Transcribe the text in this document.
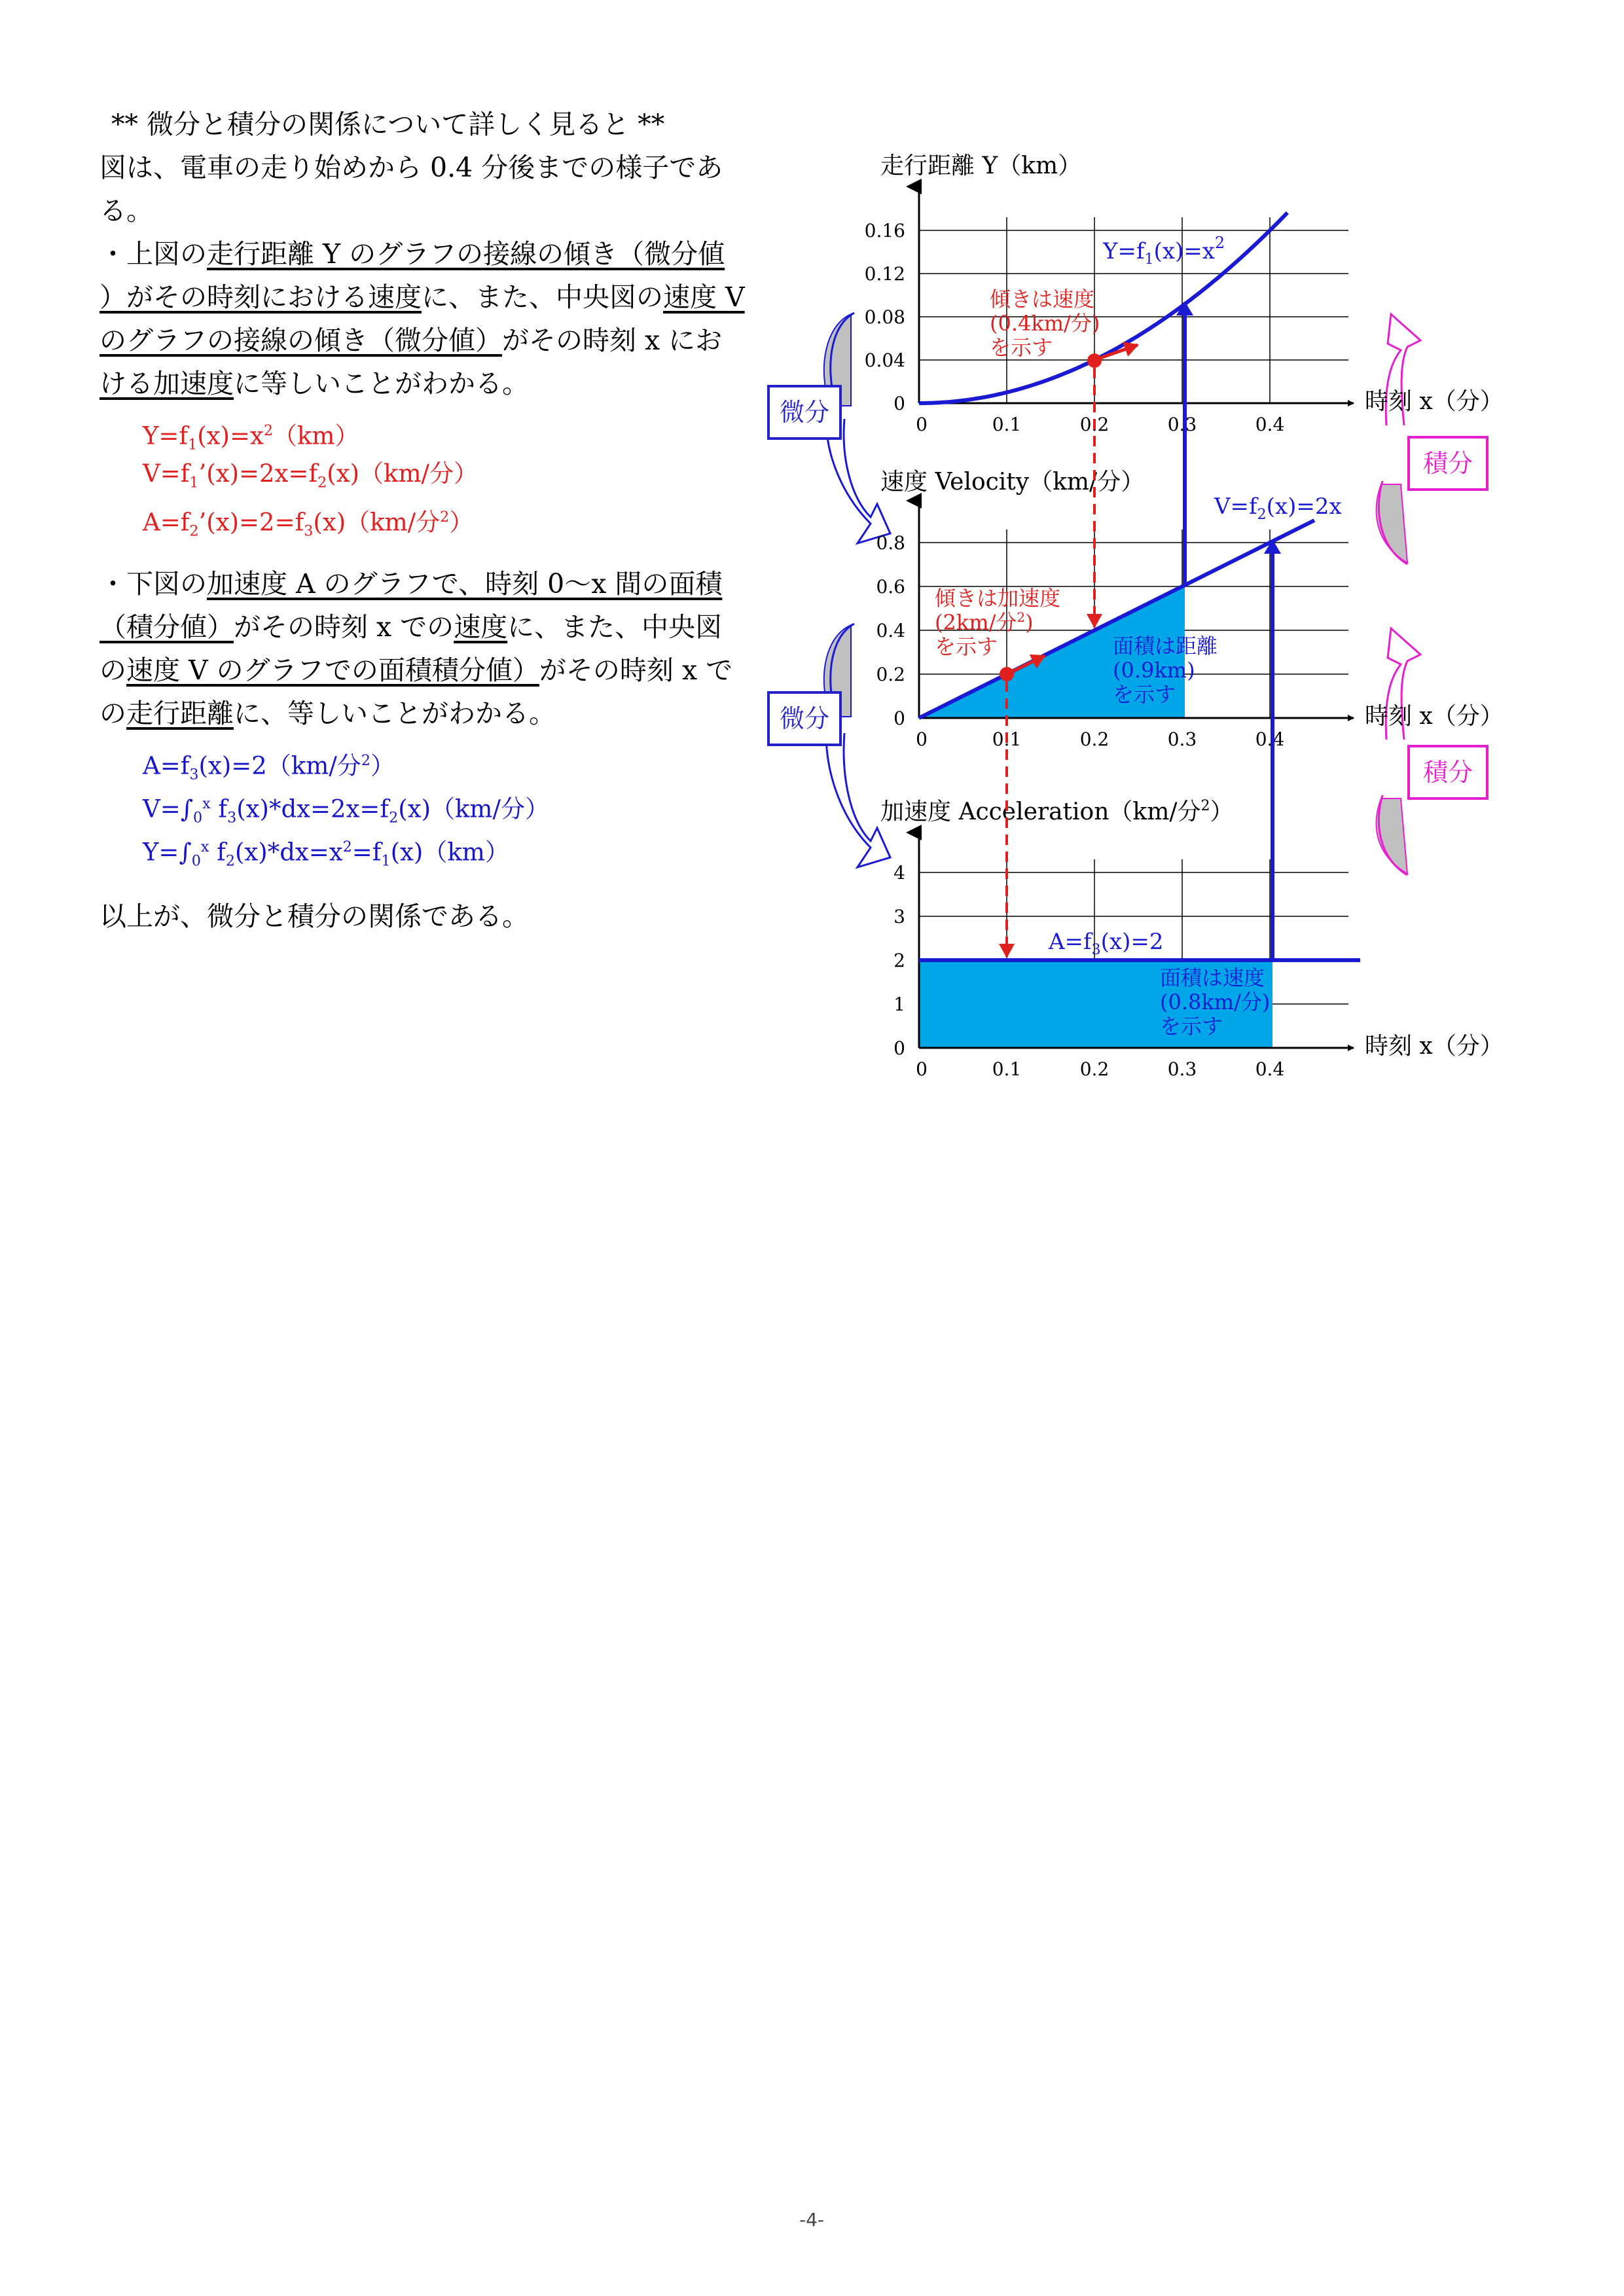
** 微分と積分の関係について詳しく見ると **
図は、電車の走り始めから 0.4 分後までの様子であ
る。
・上図の走行距離 Y のグラフの接線の傾き（微分値
）がその時刻における速度に、また、中央図の速度 V
のグラフの接線の傾き（微分値）がその時刻 x にお
ける加速度に等しいことがわかる。
$Y=f_1(x)=x^2(km)$
$V=f_1’(x)=2x=f_2(x)(km/$分）
$A=f_2’(x)=2=f_3(x)(km/$分$^2$）
・下図の加速度 A のグラフで、時刻 0～x 間の面積
（積分値）がその時刻 x での速度に、また、中央図
の速度 V のグラフでの面積積分値）がその時刻 x で
の走行距離に、等しいことがわかる。
$A=f_3(x)=2(km/$分$^2$）
$V=\int_0^x$ $f_3(x)*dx=2x=f_2(x)(km/$分）
$Y=\int_0^x$ $f_2(x)*dx=x^2=f_1(x)(km)$
以上が、微分と積分の関係である。
-4-
微分
微分
積分
積分
走行距離 Y（km）
0
0.04
0.08
0.12
0.16
0	0.1	0.2	0.3	0.4
時刻 x（分）
$Y=f_1(x)=x^2$
傾きは速度
(0.4km/分)
を示す
速度 Velocity（km/分）
0
0.2
0.4
0.6
0.8
0	0.1	0.2	0.3	0.4
時刻 x（分）
$V=f_2(x)=2x$
傾きは加速度
(2km/分$^2$)
を示す	面積は距離
(0.9km)
を示す
加速度 Acceleration（km/分$^2$）
0
1
2
3
4
0	0.1	0.2	0.3	0.4
時刻 x（分）
$A=f_3(x)=2$
面積は速度
(0.8km/分)
を示す
